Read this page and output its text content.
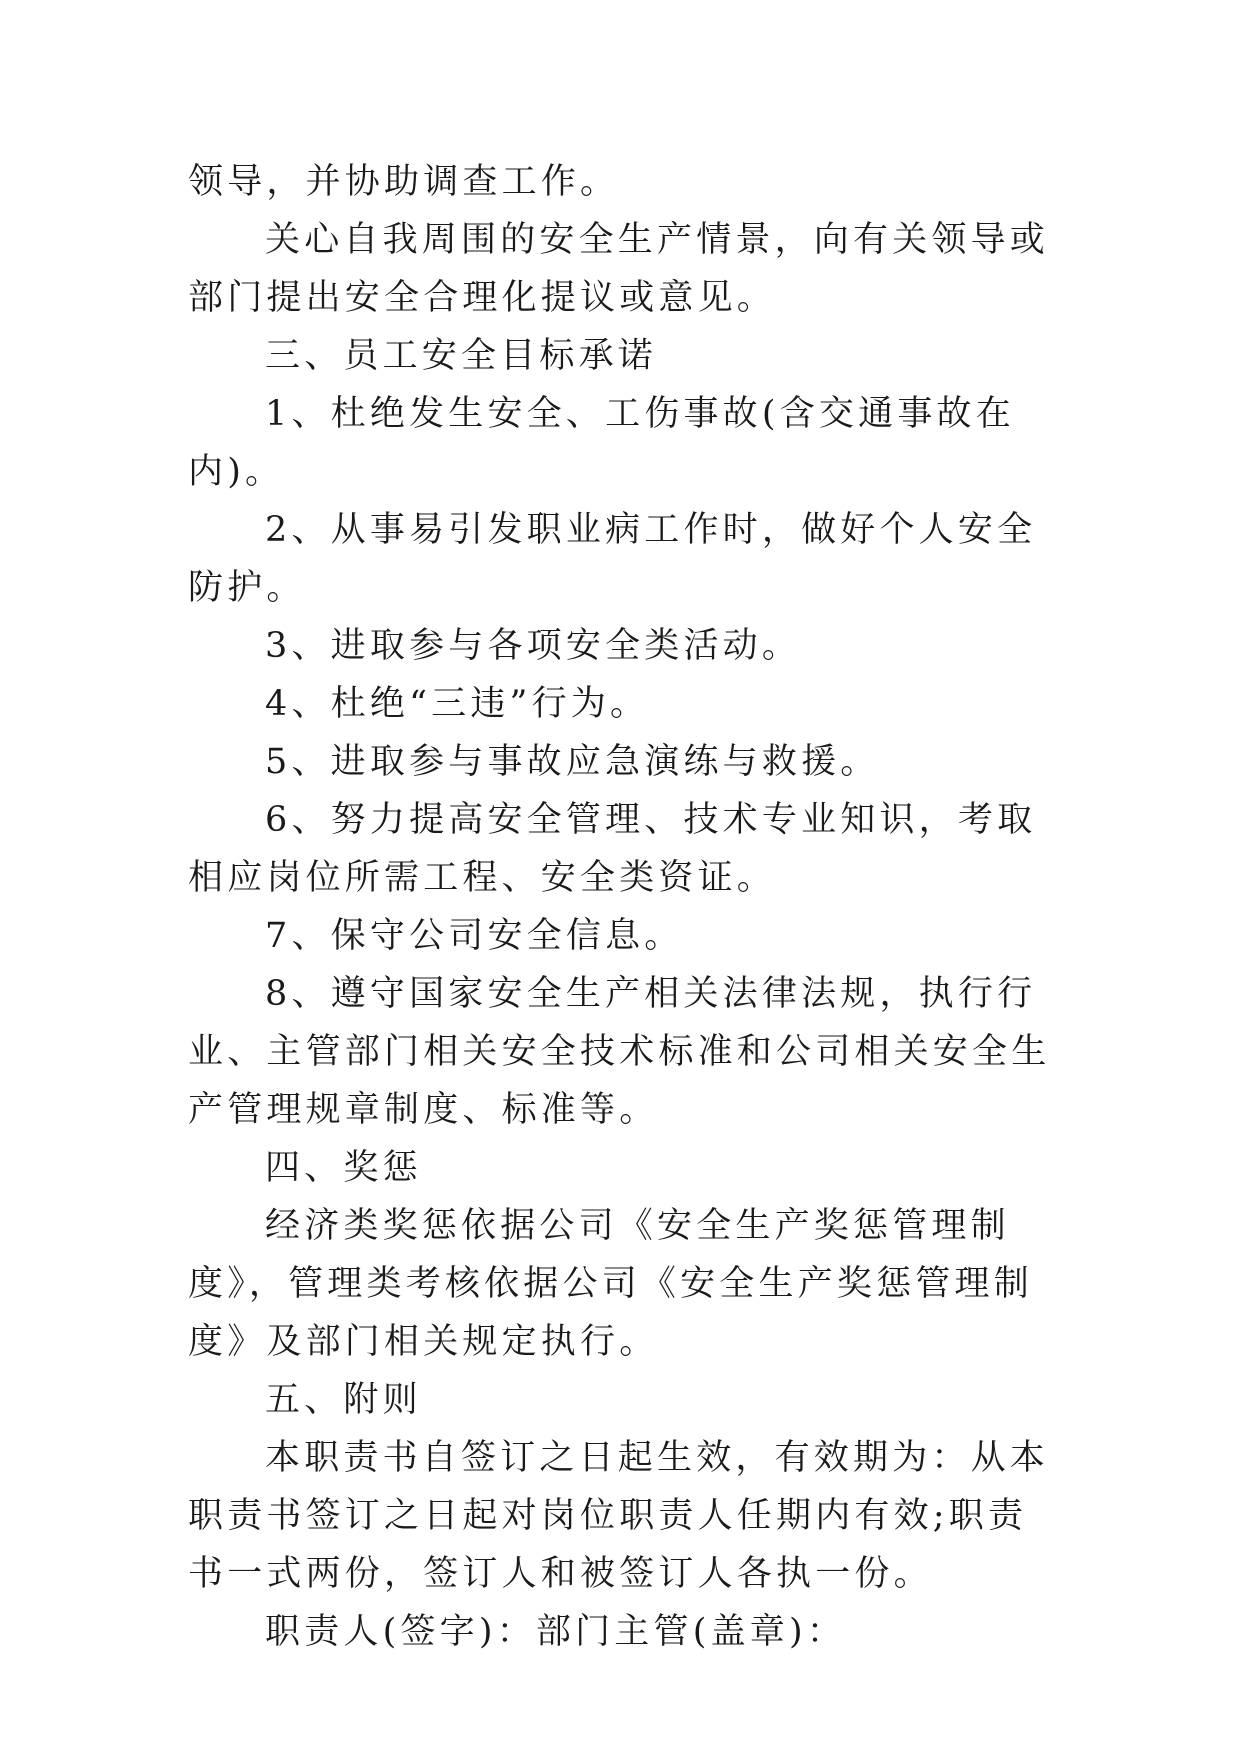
领导，并协助调查工作。

关心自我周围的安全生产情景，向有关领导或部门提出安全合理化提议或意见。

三、员工安全目标承诺

1、杜绝发生安全、工伤事故(含交通事故在内)。

2、从事易引发职业病工作时，做好个人安全防护。

3、进取参与各项安全类活动。

4、杜绝“三违”行为。

5、进取参与事故应急演练与救援。

6、努力提高安全管理、技术专业知识，考取相应岗位所需工程、安全类资证。

7、保守公司安全信息。

8、遵守国家安全生产相关法律法规，执行行业、主管部门相关安全技术标准和公司相关安全生产管理规章制度、标准等。

四、奖惩

经济类奖惩依据公司《安全生产奖惩管理制度》，管理类考核依据公司《安全生产奖惩管理制度》及部门相关规定执行。

五、附则

本职责书自签订之日起生效，有效期为：从本职责书签订之日起对岗位职责人任期内有效;职责书一式两份，签订人和被签订人各执一份。

职责人(签字)：部门主管(盖章)：
